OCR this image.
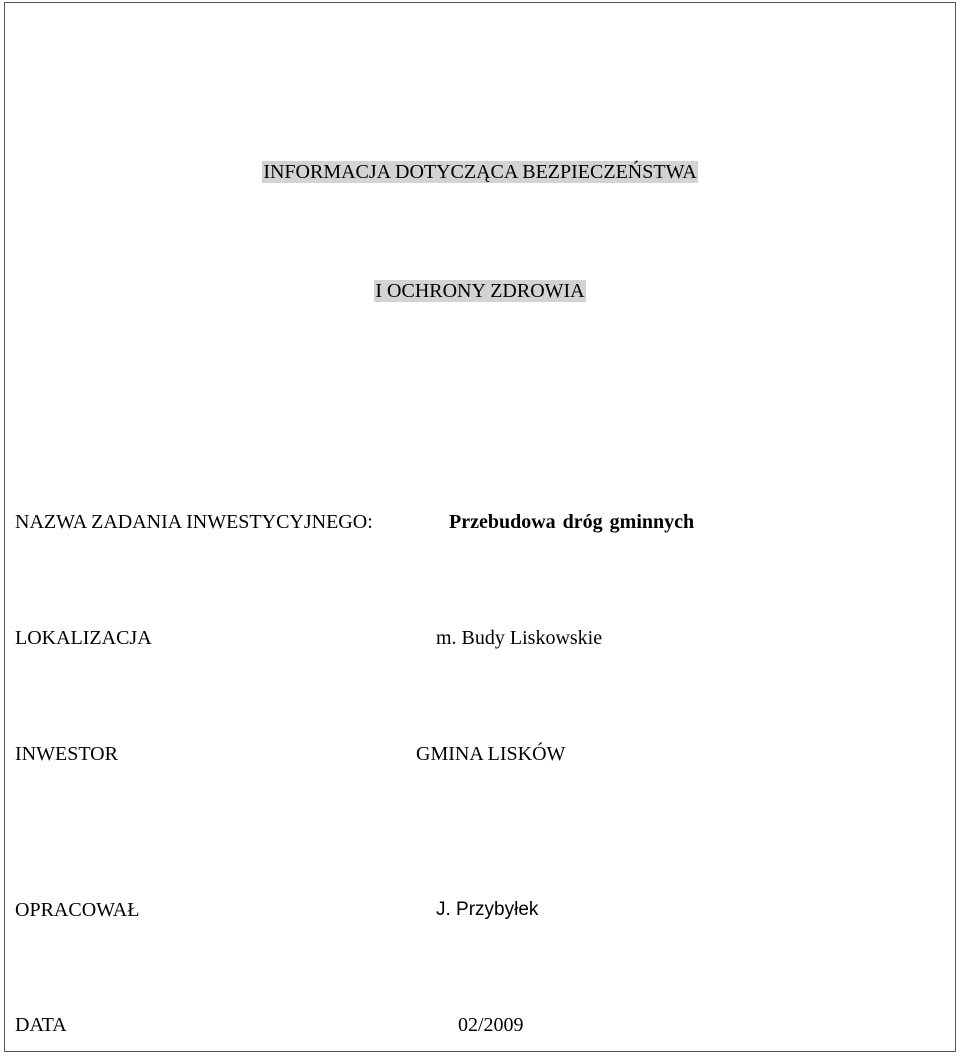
INFORMACJA DOTYCZĄCA BEZPIECZEŃSTWA
I OCHRONY ZDROWIA
NAZWA ZADANIA INWESTYCYJNEGO:	Przebudowa dróg gminnych
LOKALIZACJA	m. Budy Liskowskie
INWESTOR	GMINA LISKÓW
OPRACOWAŁ	J. Przybyłek
DATA	02/2009
